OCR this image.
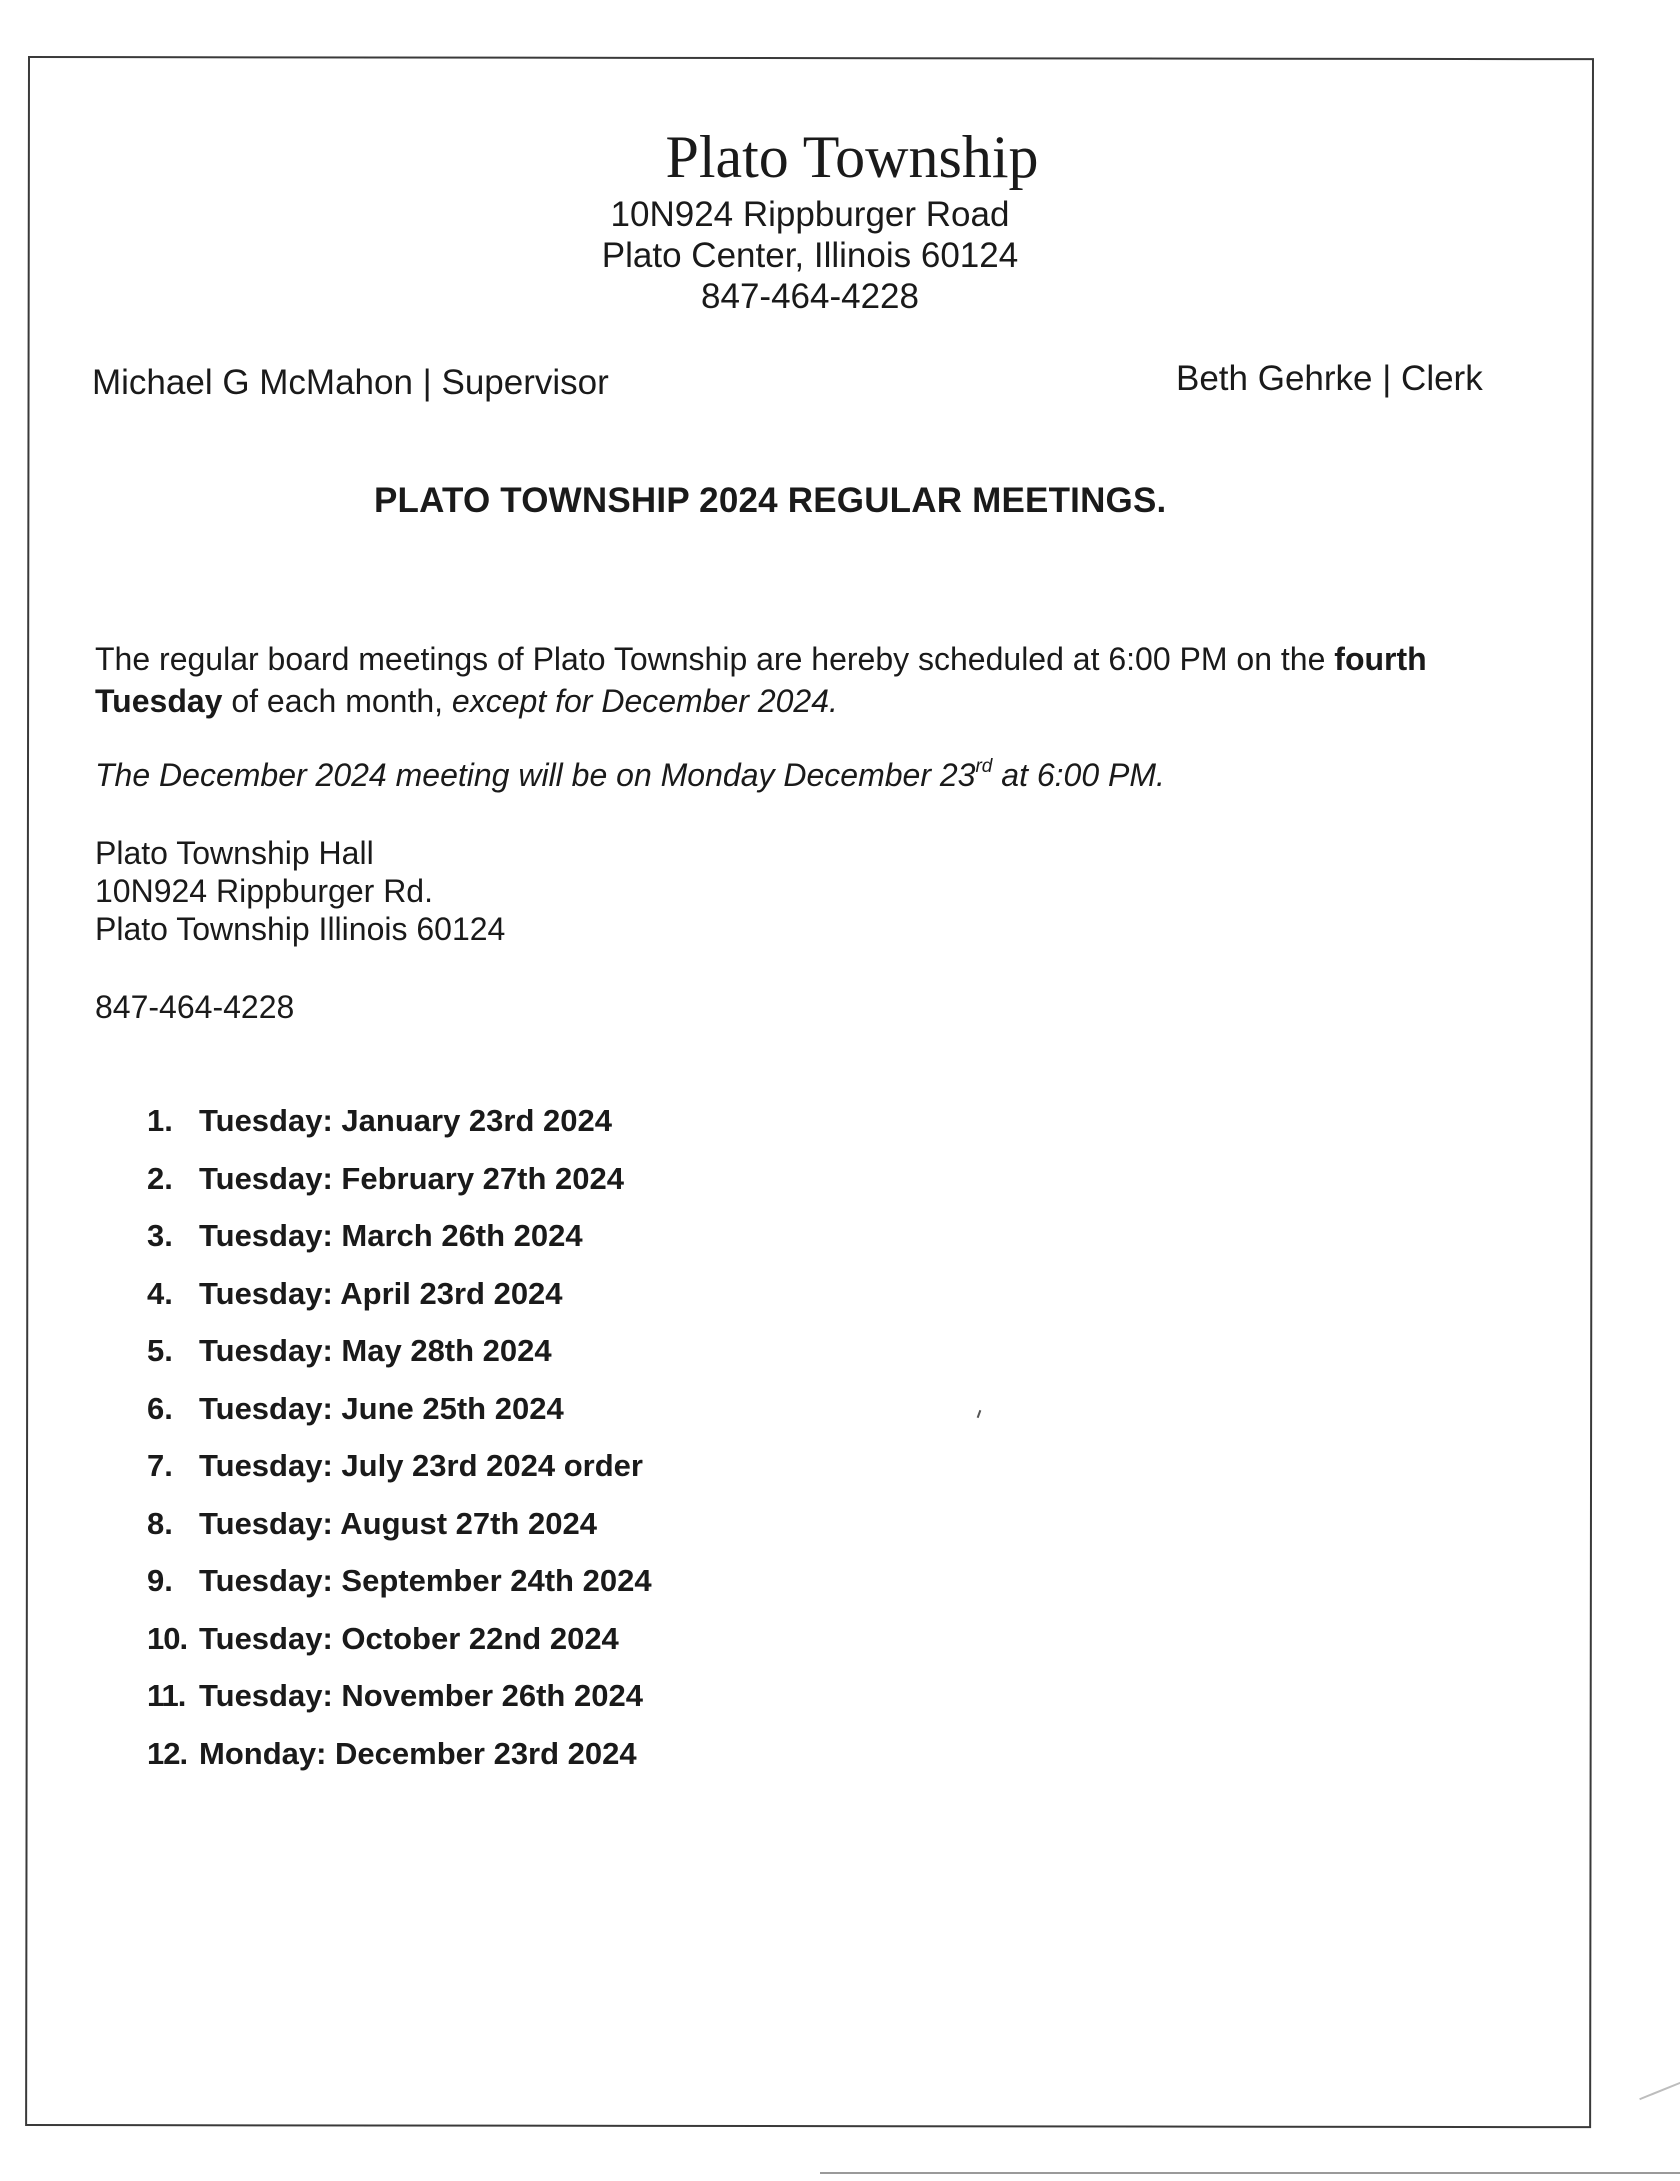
Plato Township
10N924 Rippburger Road
Plato Center, Illinois 60124
847-464-4228
Michael G McMahon | Supervisor	Beth Gehrke | Clerk
PLATO TOWNSHIP 2024 REGULAR MEETINGS.
The regular board meetings of Plato Township are hereby scheduled at 6:00 PM on the fourth Tuesday of each month, except for December 2024.
The December 2024 meeting will be on Monday December 23rd at 6:00 PM.
Plato Township Hall
10N924 Rippburger Rd.
Plato Township Illinois 60124
847-464-4228
1. Tuesday: January 23rd 2024
2. Tuesday: February 27th 2024
3. Tuesday: March 26th 2024
4. Tuesday: April 23rd 2024
5. Tuesday: May 28th 2024
6. Tuesday: June 25th 2024
7. Tuesday: July 23rd 2024 order
8. Tuesday: August 27th 2024
9. Tuesday: September 24th 2024
10. Tuesday: October 22nd 2024
11. Tuesday: November 26th 2024
12. Monday: December 23rd 2024
